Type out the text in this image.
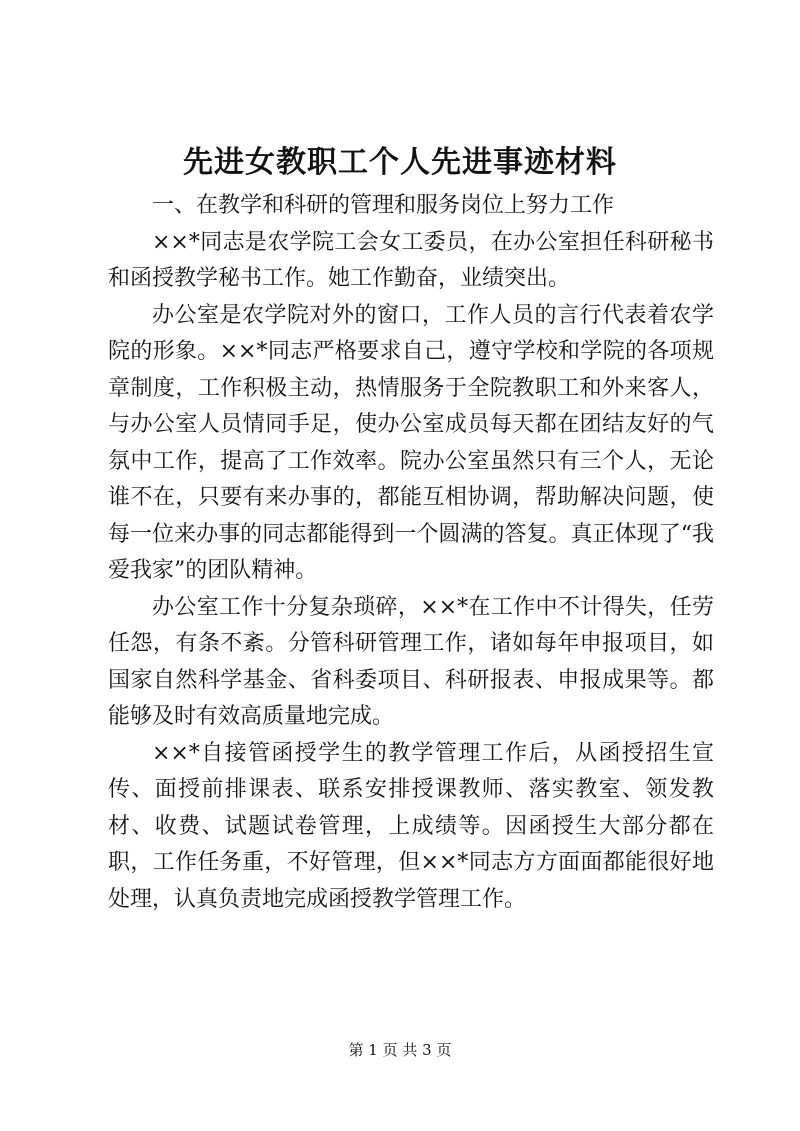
先进女教职工个人先进事迹材料

一、在教学和科研的管理和服务岗位上努力工作

××*同志是农学院工会女工委员，在办公室担任科研秘书和函授教学秘书工作。她工作勤奋，业绩突出。

办公室是农学院对外的窗口，工作人员的言行代表着农学院的形象。××*同志严格要求自己，遵守学校和学院的各项规章制度，工作积极主动，热情服务于全院教职工和外来客人，与办公室人员情同手足，使办公室成员每天都在团结友好的气氛中工作，提高了工作效率。院办公室虽然只有三个人，无论谁不在，只要有来办事的，都能互相协调，帮助解决问题，使每一位来办事的同志都能得到一个圆满的答复。真正体现了“我爱我家”的团队精神。

办公室工作十分复杂琐碎，××*在工作中不计得失，任劳任怨，有条不紊。分管科研管理工作，诸如每年申报项目，如国家自然科学基金、省科委项目、科研报表、申报成果等。都能够及时有效高质量地完成。

××*自接管函授学生的教学管理工作后，从函授招生宣传、面授前排课表、联系安排授课教师、落实教室、领发教材、收费、试题试卷管理，上成绩等。因函授生大部分都在职，工作任务重，不好管理，但××*同志方方面面都能很好地处理，认真负责地完成函授教学管理工作。

第 1 页 共 3 页
